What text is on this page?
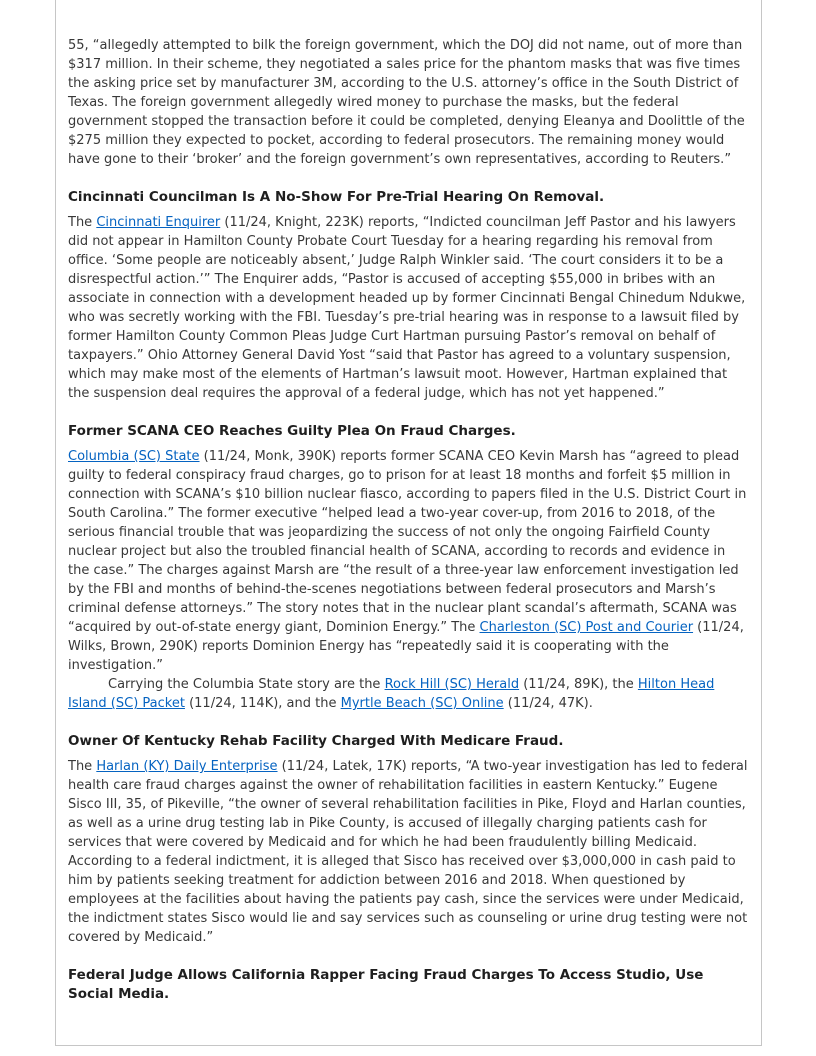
55, “allegedly attempted to bilk the foreign government, which the DOJ did not name, out of more than $317 million. In their scheme, they negotiated a sales price for the phantom masks that was five times the asking price set by manufacturer 3M, according to the U.S. attorney’s office in the South District of Texas. The foreign government allegedly wired money to purchase the masks, but the federal government stopped the transaction before it could be completed, denying Eleanya and Doolittle of the $275 million they expected to pocket, according to federal prosecutors. The remaining money would have gone to their ‘broker’ and the foreign government’s own representatives, according to Reuters.”

Cincinnati Councilman Is A No-Show For Pre-Trial Hearing On Removal.

The Cincinnati Enquirer (11/24, Knight, 223K) reports, “Indicted councilman Jeff Pastor and his lawyers did not appear in Hamilton County Probate Court Tuesday for a hearing regarding his removal from office. ‘Some people are noticeably absent,’ Judge Ralph Winkler said. ‘The court considers it to be a disrespectful action.’” The Enquirer adds, “Pastor is accused of accepting $55,000 in bribes with an associate in connection with a development headed up by former Cincinnati Bengal Chinedum Ndukwe, who was secretly working with the FBI. Tuesday’s pre-trial hearing was in response to a lawsuit filed by former Hamilton County Common Pleas Judge Curt Hartman pursuing Pastor’s removal on behalf of taxpayers.” Ohio Attorney General David Yost “said that Pastor has agreed to a voluntary suspension, which may make most of the elements of Hartman’s lawsuit moot. However, Hartman explained that the suspension deal requires the approval of a federal judge, which has not yet happened.”

Former SCANA CEO Reaches Guilty Plea On Fraud Charges.

Columbia (SC) State (11/24, Monk, 390K) reports former SCANA CEO Kevin Marsh has “agreed to plead guilty to federal conspiracy fraud charges, go to prison for at least 18 months and forfeit $5 million in connection with SCANA’s $10 billion nuclear fiasco, according to papers filed in the U.S. District Court in South Carolina.” The former executive “helped lead a two-year cover-up, from 2016 to 2018, of the serious financial trouble that was jeopardizing the success of not only the ongoing Fairfield County nuclear project but also the troubled financial health of SCANA, according to records and evidence in the case.” The charges against Marsh are “the result of a three-year law enforcement investigation led by the FBI and months of behind-the-scenes negotiations between federal prosecutors and Marsh’s criminal defense attorneys.” The story notes that in the nuclear plant scandal’s aftermath, SCANA was “acquired by out-of-state energy giant, Dominion Energy.” The Charleston (SC) Post and Courier (11/24, Wilks, Brown, 290K) reports Dominion Energy has “repeatedly said it is cooperating with the investigation.”

Carrying the Columbia State story are the Rock Hill (SC) Herald (11/24, 89K), the Hilton Head Island (SC) Packet (11/24, 114K), and the Myrtle Beach (SC) Online (11/24, 47K).

Owner Of Kentucky Rehab Facility Charged With Medicare Fraud.

The Harlan (KY) Daily Enterprise (11/24, Latek, 17K) reports, “A two-year investigation has led to federal health care fraud charges against the owner of rehabilitation facilities in eastern Kentucky.” Eugene Sisco III, 35, of Pikeville, “the owner of several rehabilitation facilities in Pike, Floyd and Harlan counties, as well as a urine drug testing lab in Pike County, is accused of illegally charging patients cash for services that were covered by Medicaid and for which he had been fraudulently billing Medicaid. According to a federal indictment, it is alleged that Sisco has received over $3,000,000 in cash paid to him by patients seeking treatment for addiction between 2016 and 2018. When questioned by employees at the facilities about having the patients pay cash, since the services were under Medicaid, the indictment states Sisco would lie and say services such as counseling or urine drug testing were not covered by Medicaid.”

Federal Judge Allows California Rapper Facing Fraud Charges To Access Studio, Use Social Media.
